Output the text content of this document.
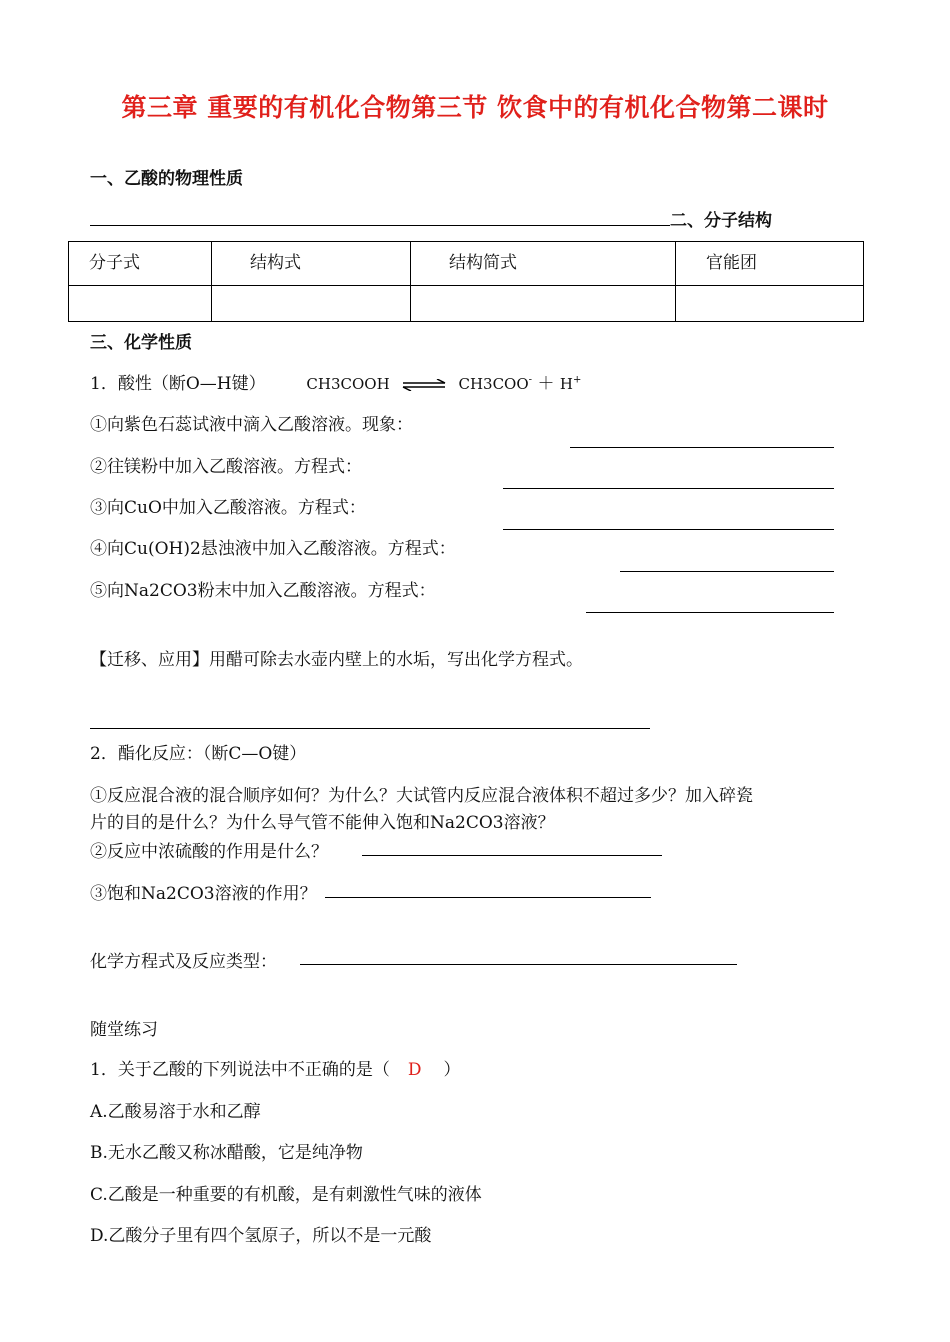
第三章 重要的有机化合物第三节 饮食中的有机化合物第二课时
一、乙酸的物理性质
二、分子结构
分子式	结构式	结构简式	官能团

三、化学性质
1．酸性（断O—H键）	CH3COOH ⇌ CH3COO- ＋ H+
①向紫色石蕊试液中滴入乙酸溶液。现象：
②往镁粉中加入乙酸溶液。方程式：
③向CuO中加入乙酸溶液。方程式：
④向Cu(OH)2悬浊液中加入乙酸溶液。方程式：
⑤向Na2CO3粉末中加入乙酸溶液。方程式：
【迁移、应用】用醋可除去水壶内壁上的水垢，写出化学方程式。
2．酯化反应：（断C—O键）
①反应混合液的混合顺序如何？为什么？大试管内反应混合液体积不超过多少？加入碎瓷
片的目的是什么？为什么导气管不能伸入饱和Na2CO3溶液？
②反应中浓硫酸的作用是什么？
③饱和Na2CO3溶液的作用？
化学方程式及反应类型：
随堂练习
1．关于乙酸的下列说法中不正确的是（ D ）
A.乙酸易溶于水和乙醇
B.无水乙酸又称冰醋酸，它是纯净物
C.乙酸是一种重要的有机酸，是有刺激性气味的液体
D.乙酸分子里有四个氢原子，所以不是一元酸
